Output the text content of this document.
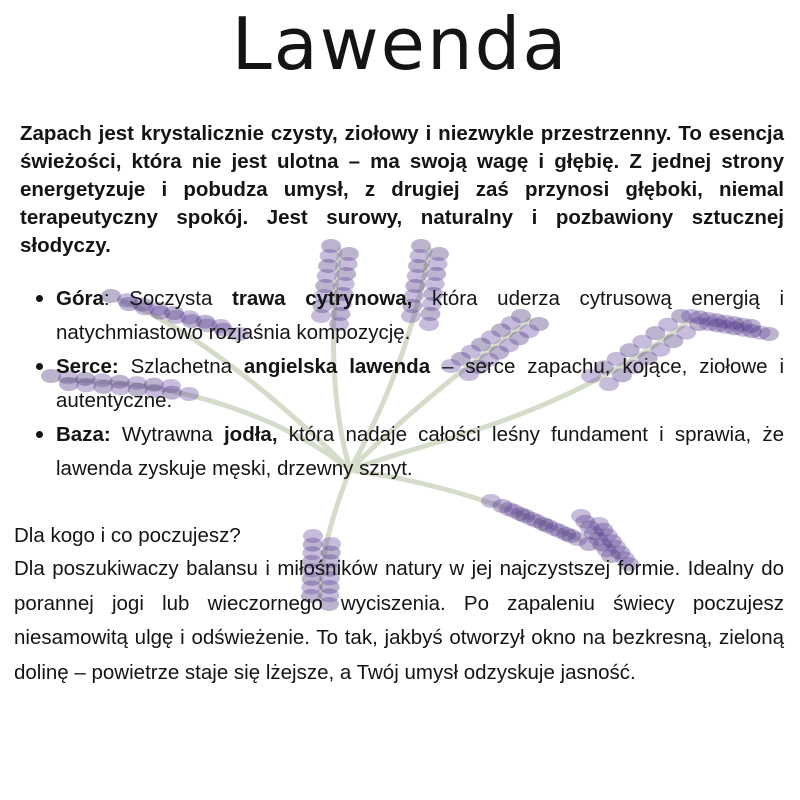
Lawenda

Zapach jest krystalicznie czysty, ziołowy i niezwykle przestrzenny. To esencja świeżości, która nie jest ulotna – ma swoją wagę i głębię. Z jednej strony energetyzuje i pobudza umysł, z drugiej zaś przynosi głęboki, niemal terapeutyczny spokój. Jest surowy, naturalny i pozbawiony sztucznej słodyczy.

Góra: Soczysta trawa cytrynowa, która uderza cytrusową energią i natychmiastowo rozjaśnia kompozycję.
Serce: Szlachetna angielska lawenda – serce zapachu, kojące, ziołowe i autentyczne.
Baza: Wytrawna jodła, która nadaje całości leśny fundament i sprawia, że lawenda zyskuje męski, drzewny sznyt.

Dla kogo i co poczujesz?

Dla poszukiwaczy balansu i miłośników natury w jej najczystszej formie. Idealny do porannej jogi lub wieczornego wyciszenia. Po zapaleniu świecy poczujesz niesamowitą ulgę i odświeżenie. To tak, jakbyś otworzył okno na bezkresną, zieloną dolinę – powietrze staje się lżejsze, a Twój umysł odzyskuje jasność.
